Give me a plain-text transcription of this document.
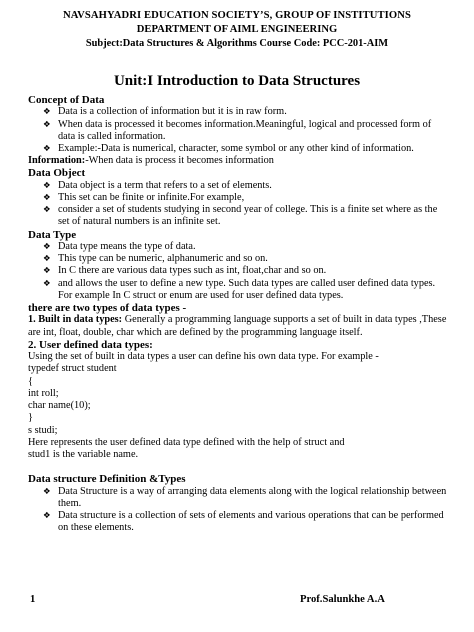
NAVSAHYADRI EDUCATION SOCIETY’S, GROUP OF INSTITUTIONS
DEPARTMENT OF AIML ENGINEERING
Subject:Data Structures & Algorithms Course Code: PCC-201-AIM
Unit:I Introduction to Data Structures
Concept of Data
❖ Data is a collection of information but it is in raw form.
❖ When data is processed it becomes information.Meaningful, logical and processed form of data is called information.
❖ Example:-Data is numerical, character, some symbol or any other kind of information.
Information:-When data is process it becomes information
Data Object
❖ Data object is a term that refers to a set of elements.
❖ This set can be finite or infinite.For example,
❖ consider a set of students studying in second year of college. This is a finite set where as the set of natural numbers is an infinite set.
Data Type
❖ Data type means the type of data.
❖ This type can be numeric, alphanumeric and so on.
❖ In C there are various data types such as int, float,char and so on.
❖ and allows the user to define a new type. Such data types are called user defined data types. For example In C struct or enum are used for user defined data types.
there are two types of data types -
1. Built in data types: Generally a programming language supports a set of built in data types ,These are int, float, double, char which are defined by the programming language itself.
2. User defined data types:
Using the set of built in data types a user can define his own data type. For example -
typedef struct student
{
int roll;
char name(10);
}
s studi;
Here represents the user defined data type defined with the help of struct and
stud1 is the variable name.
Data structure Definition &Types
❖ Data Structure is a way of arranging data elements along with the logical relationship between them.
❖ Data structure is a collection of sets of elements and various operations that can be performed on these elements.
1	Prof.Salunkhe A.A
